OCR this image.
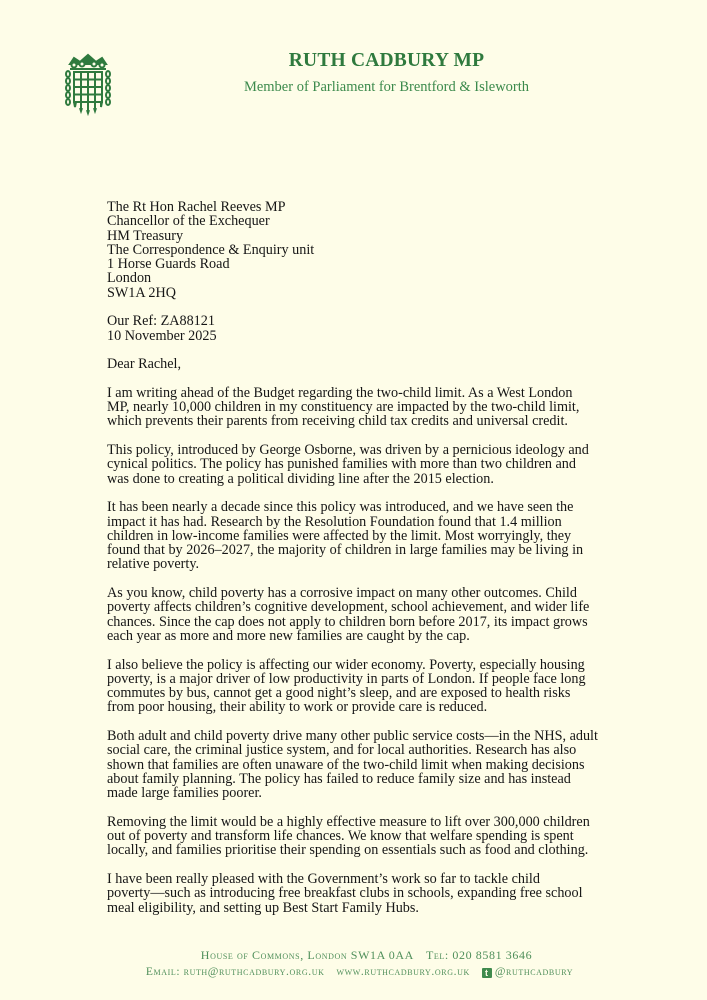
RUTH CADBURY MP
Member of Parliament for Brentford & Isleworth
The Rt Hon Rachel Reeves MP
Chancellor of the Exchequer
HM Treasury
The Correspondence & Enquiry unit
1 Horse Guards Road
London
SW1A 2HQ
Our Ref: ZA88121
10 November 2025

Dear Rachel,

I am writing ahead of the Budget regarding the two-child limit. As a West London
MP, nearly 10,000 children in my constituency are impacted by the two-child limit,
which prevents their parents from receiving child tax credits and universal credit.

This policy, introduced by George Osborne, was driven by a pernicious ideology and
cynical politics. The policy has punished families with more than two children and
was done to creating a political dividing line after the 2015 election.

It has been nearly a decade since this policy was introduced, and we have seen the
impact it has had. Research by the Resolution Foundation found that 1.4 million
children in low-income families were affected by the limit. Most worryingly, they
found that by 2026–2027, the majority of children in large families may be living in
relative poverty.

As you know, child poverty has a corrosive impact on many other outcomes. Child
poverty affects children’s cognitive development, school achievement, and wider life
chances. Since the cap does not apply to children born before 2017, its impact grows
each year as more and more new families are caught by the cap.

I also believe the policy is affecting our wider economy. Poverty, especially housing
poverty, is a major driver of low productivity in parts of London. If people face long
commutes by bus, cannot get a good night’s sleep, and are exposed to health risks
from poor housing, their ability to work or provide care is reduced.

Both adult and child poverty drive many other public service costs—in the NHS, adult
social care, the criminal justice system, and for local authorities. Research has also
shown that families are often unaware of the two-child limit when making decisions
about family planning. The policy has failed to reduce family size and has instead
made large families poorer.

Removing the limit would be a highly effective measure to lift over 300,000 children
out of poverty and transform life chances. We know that welfare spending is spent
locally, and families prioritise their spending on essentials such as food and clothing.

I have been really pleased with the Government’s work so far to tackle child
poverty—such as introducing free breakfast clubs in schools, expanding free school
meal eligibility, and setting up Best Start Family Hubs.

House of Commons, London SW1A 0AA Tel: 020 8581 3646
Email: ruth@ruthcadbury.org.uk www.ruthcadbury.org.uk t @ruthcadbury
